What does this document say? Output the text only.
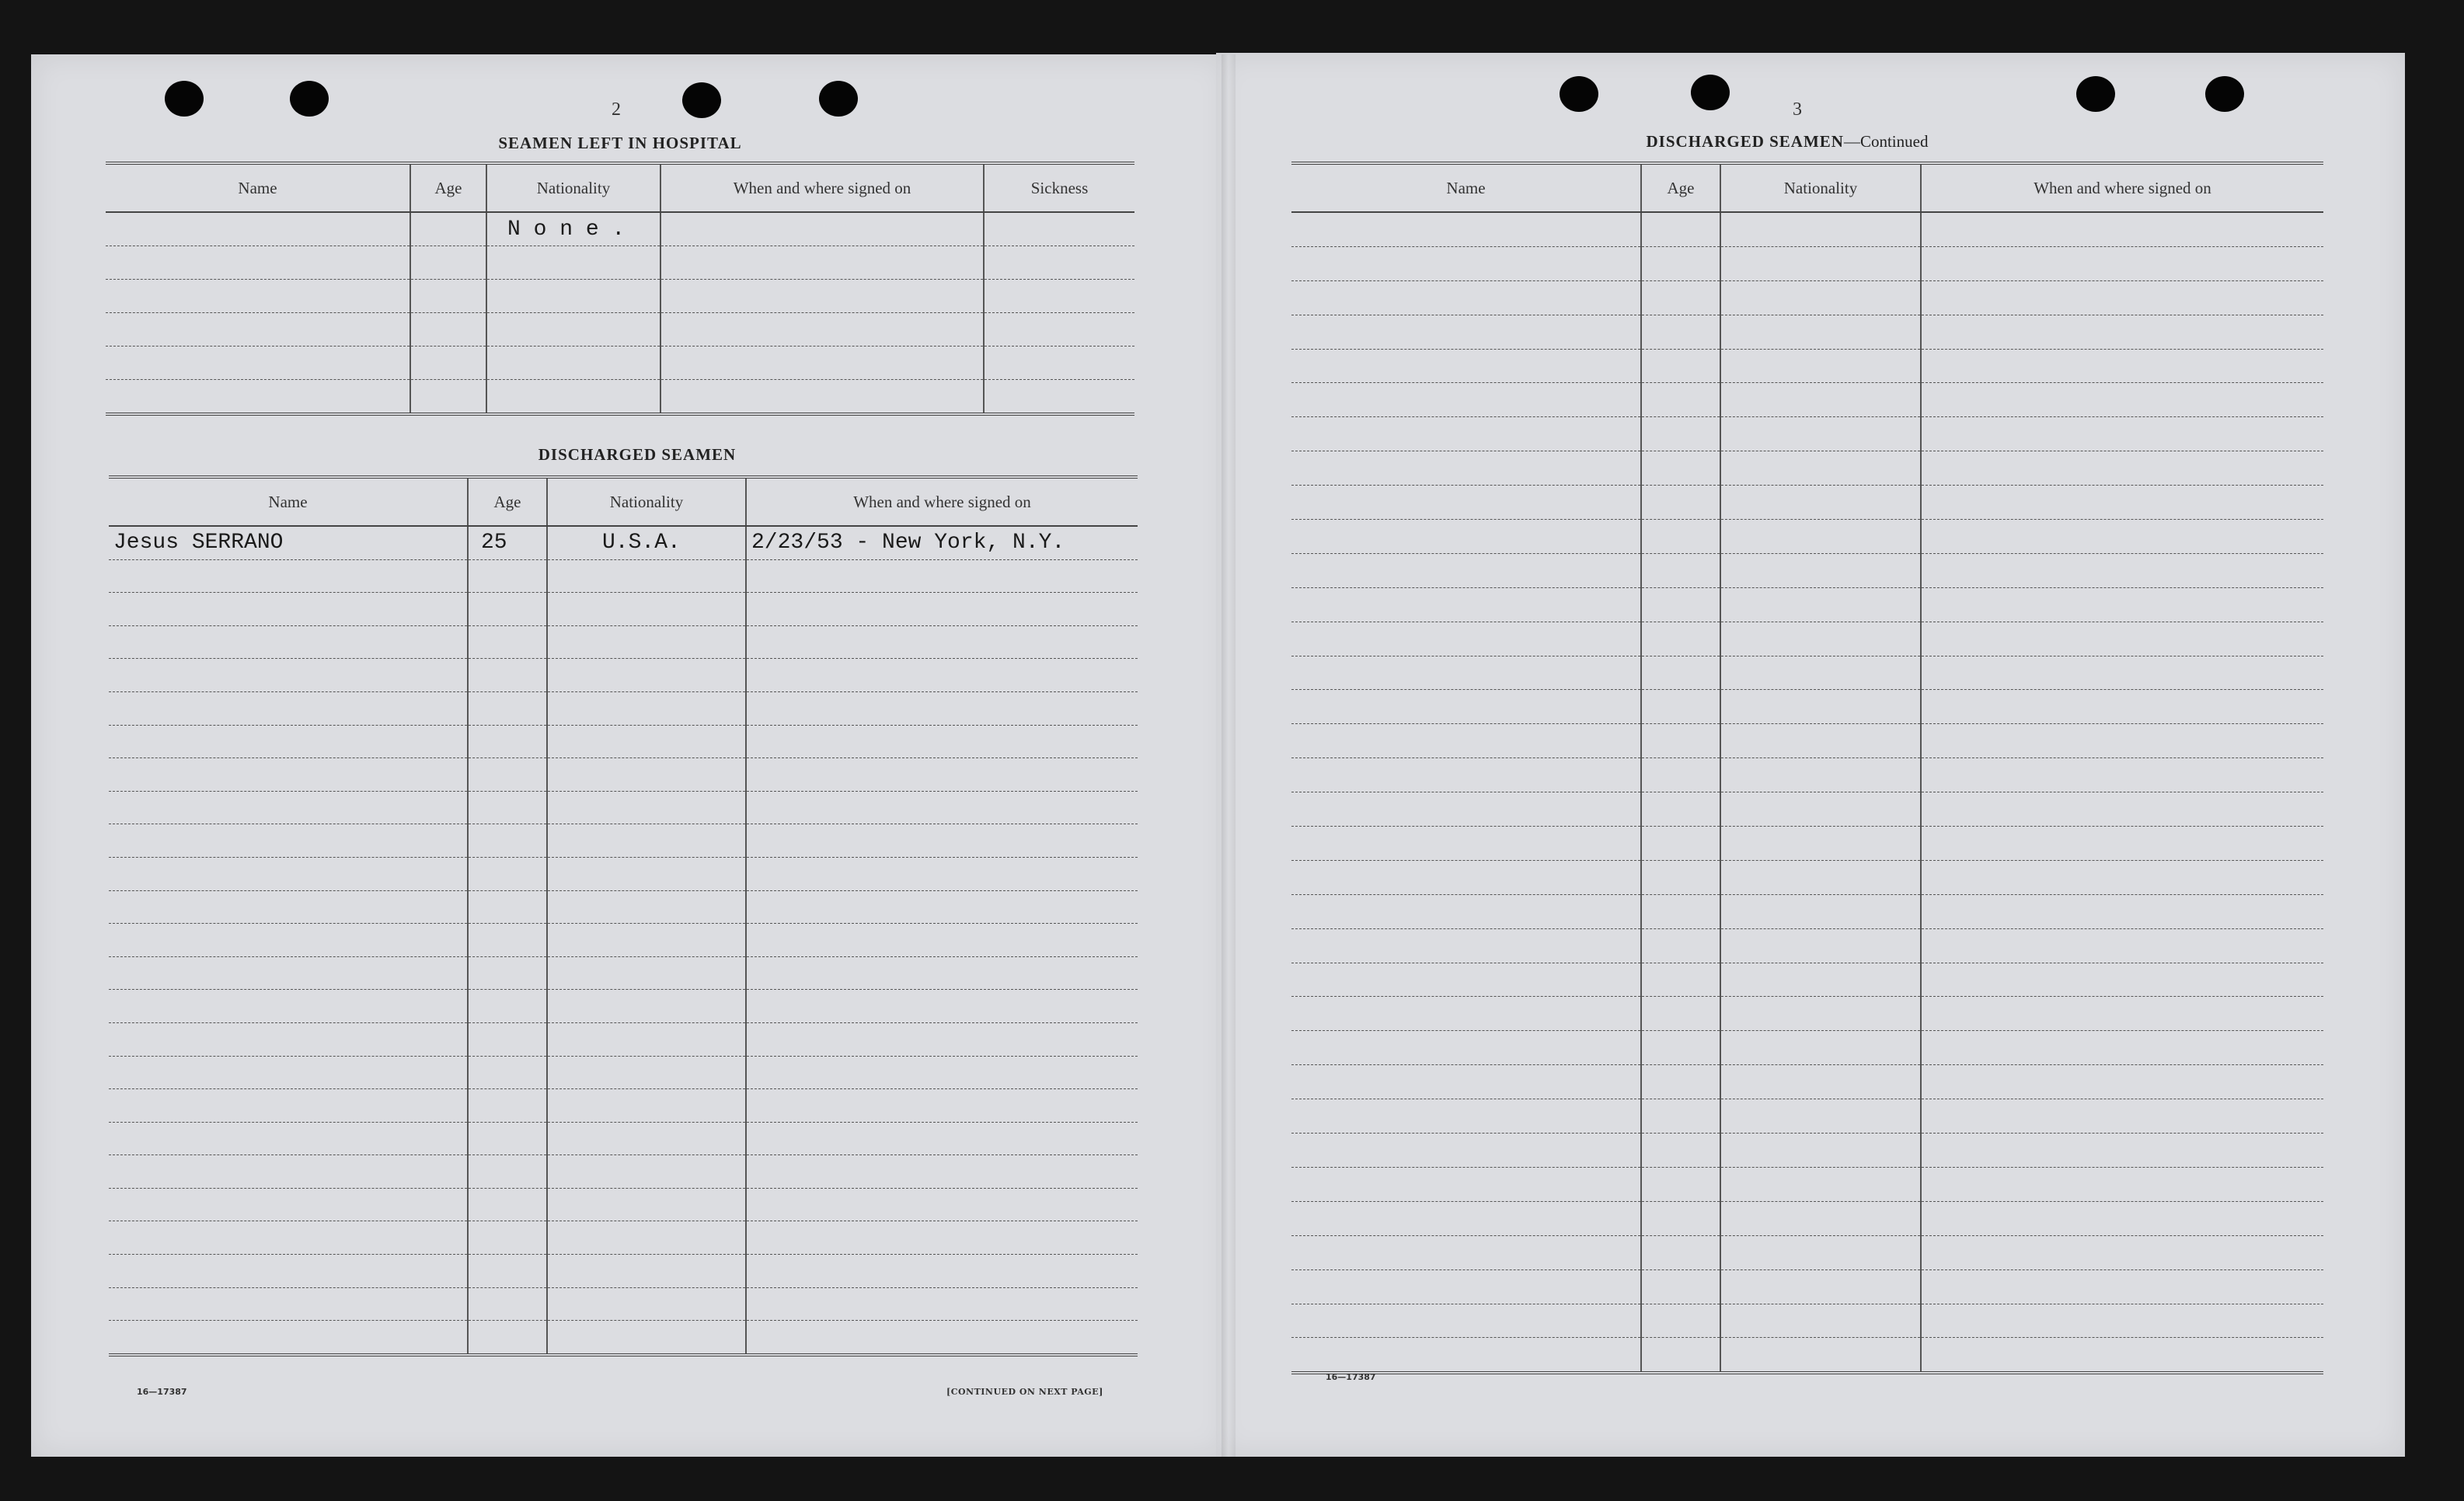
2
SEAMEN LEFT IN HOSPITAL
Name	Age	Nationality	When and where signed on	Sickness
		N o n e .		

DISCHARGED SEAMEN
Name	Age	Nationality	When and where signed on
Jesus SERRANO	25	U.S.A.	2/23/53 - New York, N.Y.

16—17387	[CONTINUED ON NEXT PAGE]
3
DISCHARGED SEAMEN—Continued
Name	Age	Nationality	When and where signed on

16—17387
